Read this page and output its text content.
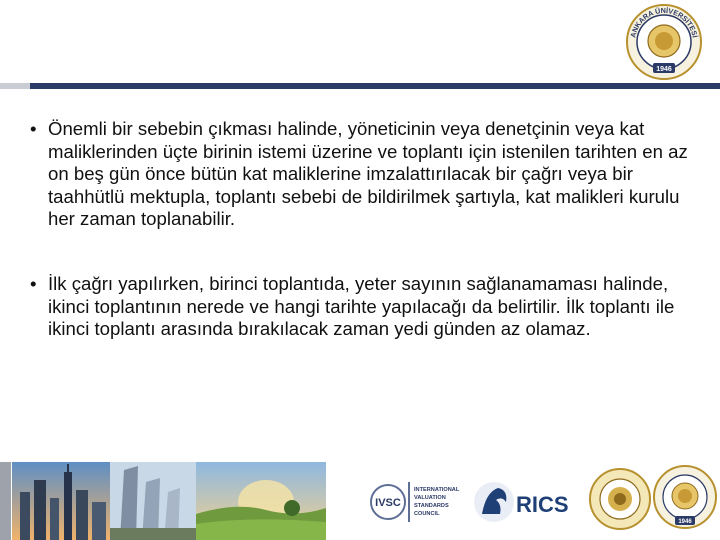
ANKARA ÜNİVERSİTESİ
1946
• Önemli bir sebebin çıkması halinde, yöneticinin veya denetçinin veya kat maliklerinden üçte birinin istemi üzerine ve toplantı için istenilen tarihten en az on beş gün önce bütün kat maliklerine imzalattırılacak bir çağrı veya bir taahhütlü mektupla, toplantı sebebi de bildirilmek şartıyla, kat malikleri kurulu her zaman toplanabilir.
• İlk çağrı yapılırken, birinci toplantıda, yeter sayının sağlanamaması halinde, ikinci toplantının nerede ve hangi tarihte yapılacağı da belirtilir. İlk toplantı ile ikinci toplantı arasında bırakılacak zaman yedi günden az olamaz.
IVSC
INTERNATIONAL
VALUATION
STANDARDS
COUNCIL	RICS
1946
